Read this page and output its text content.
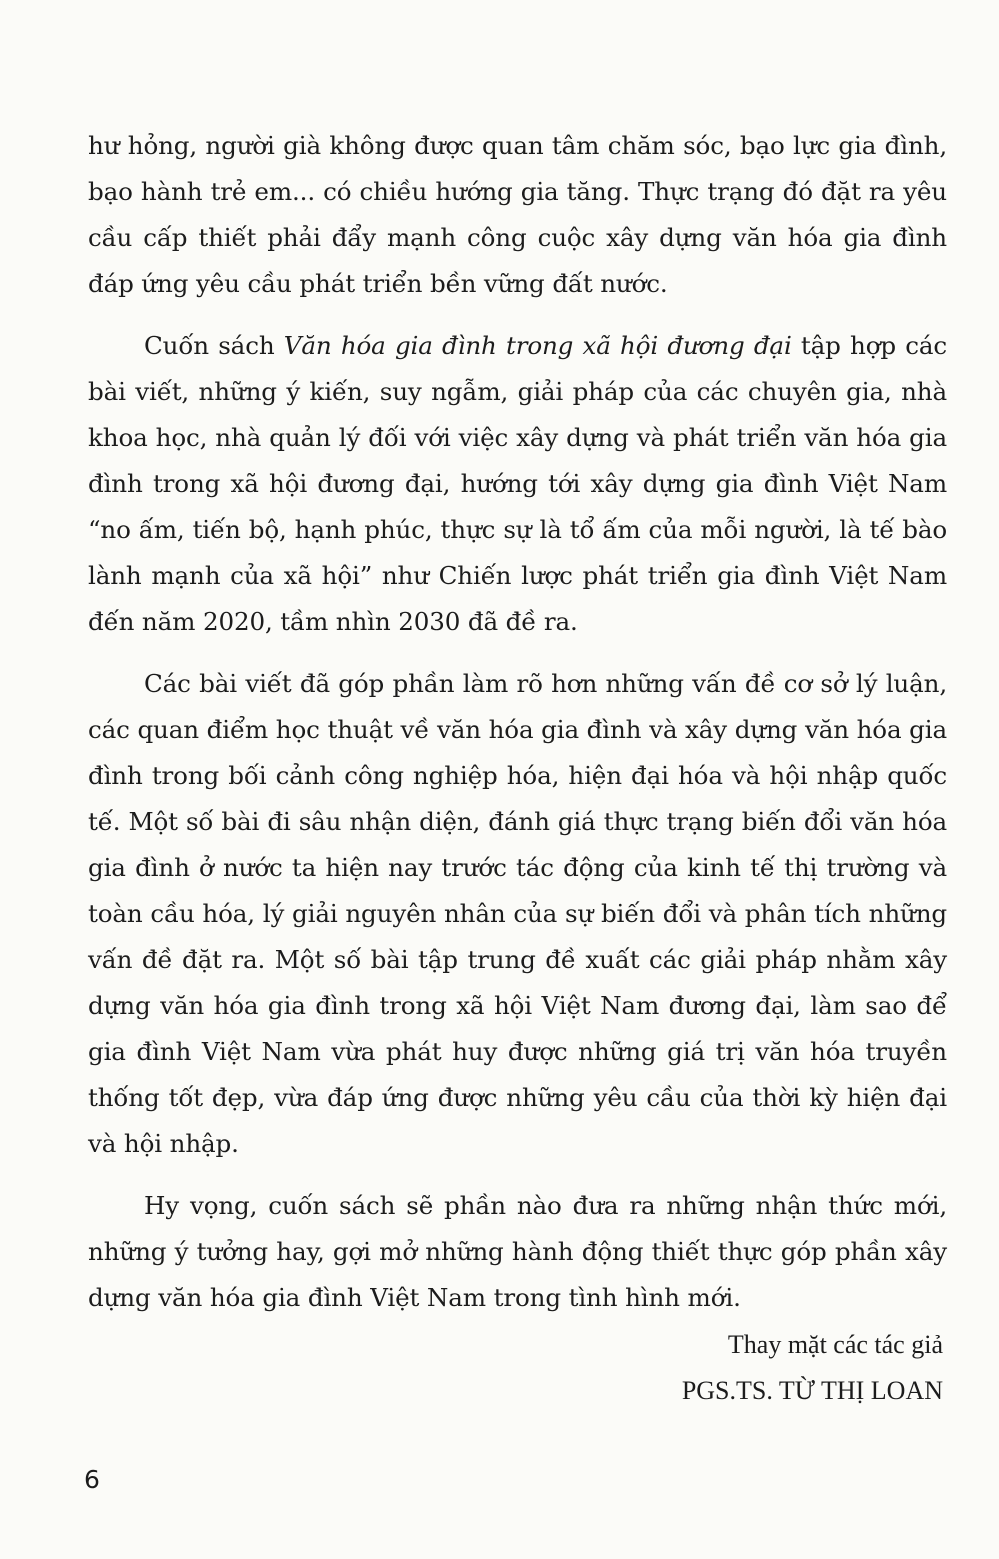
hư hỏng, người già không được quan tâm chăm sóc, bạo lực gia đình, bạo hành trẻ em... có chiều hướng gia tăng. Thực trạng đó đặt ra yêu cầu cấp thiết phải đẩy mạnh công cuộc xây dựng văn hóa gia đình đáp ứng yêu cầu phát triển bền vững đất nước.

Cuốn sách Văn hóa gia đình trong xã hội đương đại tập hợp các bài viết, những ý kiến, suy ngẫm, giải pháp của các chuyên gia, nhà khoa học, nhà quản lý đối với việc xây dựng và phát triển văn hóa gia đình trong xã hội đương đại, hướng tới xây dựng gia đình Việt Nam “no ấm, tiến bộ, hạnh phúc, thực sự là tổ ấm của mỗi người, là tế bào lành mạnh của xã hội” như Chiến lược phát triển gia đình Việt Nam đến năm 2020, tầm nhìn 2030 đã đề ra.

Các bài viết đã góp phần làm rõ hơn những vấn đề cơ sở lý luận, các quan điểm học thuật về văn hóa gia đình và xây dựng văn hóa gia đình trong bối cảnh công nghiệp hóa, hiện đại hóa và hội nhập quốc tế. Một số bài đi sâu nhận diện, đánh giá thực trạng biến đổi văn hóa gia đình ở nước ta hiện nay trước tác động của kinh tế thị trường và toàn cầu hóa, lý giải nguyên nhân của sự biến đổi và phân tích những vấn đề đặt ra. Một số bài tập trung đề xuất các giải pháp nhằm xây dựng văn hóa gia đình trong xã hội Việt Nam đương đại, làm sao để gia đình Việt Nam vừa phát huy được những giá trị văn hóa truyền thống tốt đẹp, vừa đáp ứng được những yêu cầu của thời kỳ hiện đại và hội nhập.

Hy vọng, cuốn sách sẽ phần nào đưa ra những nhận thức mới, những ý tưởng hay, gợi mở những hành động thiết thực góp phần xây dựng văn hóa gia đình Việt Nam trong tình hình mới.

Thay mặt các tác giả
PGS.TS. TỪ THỊ LOAN
6
